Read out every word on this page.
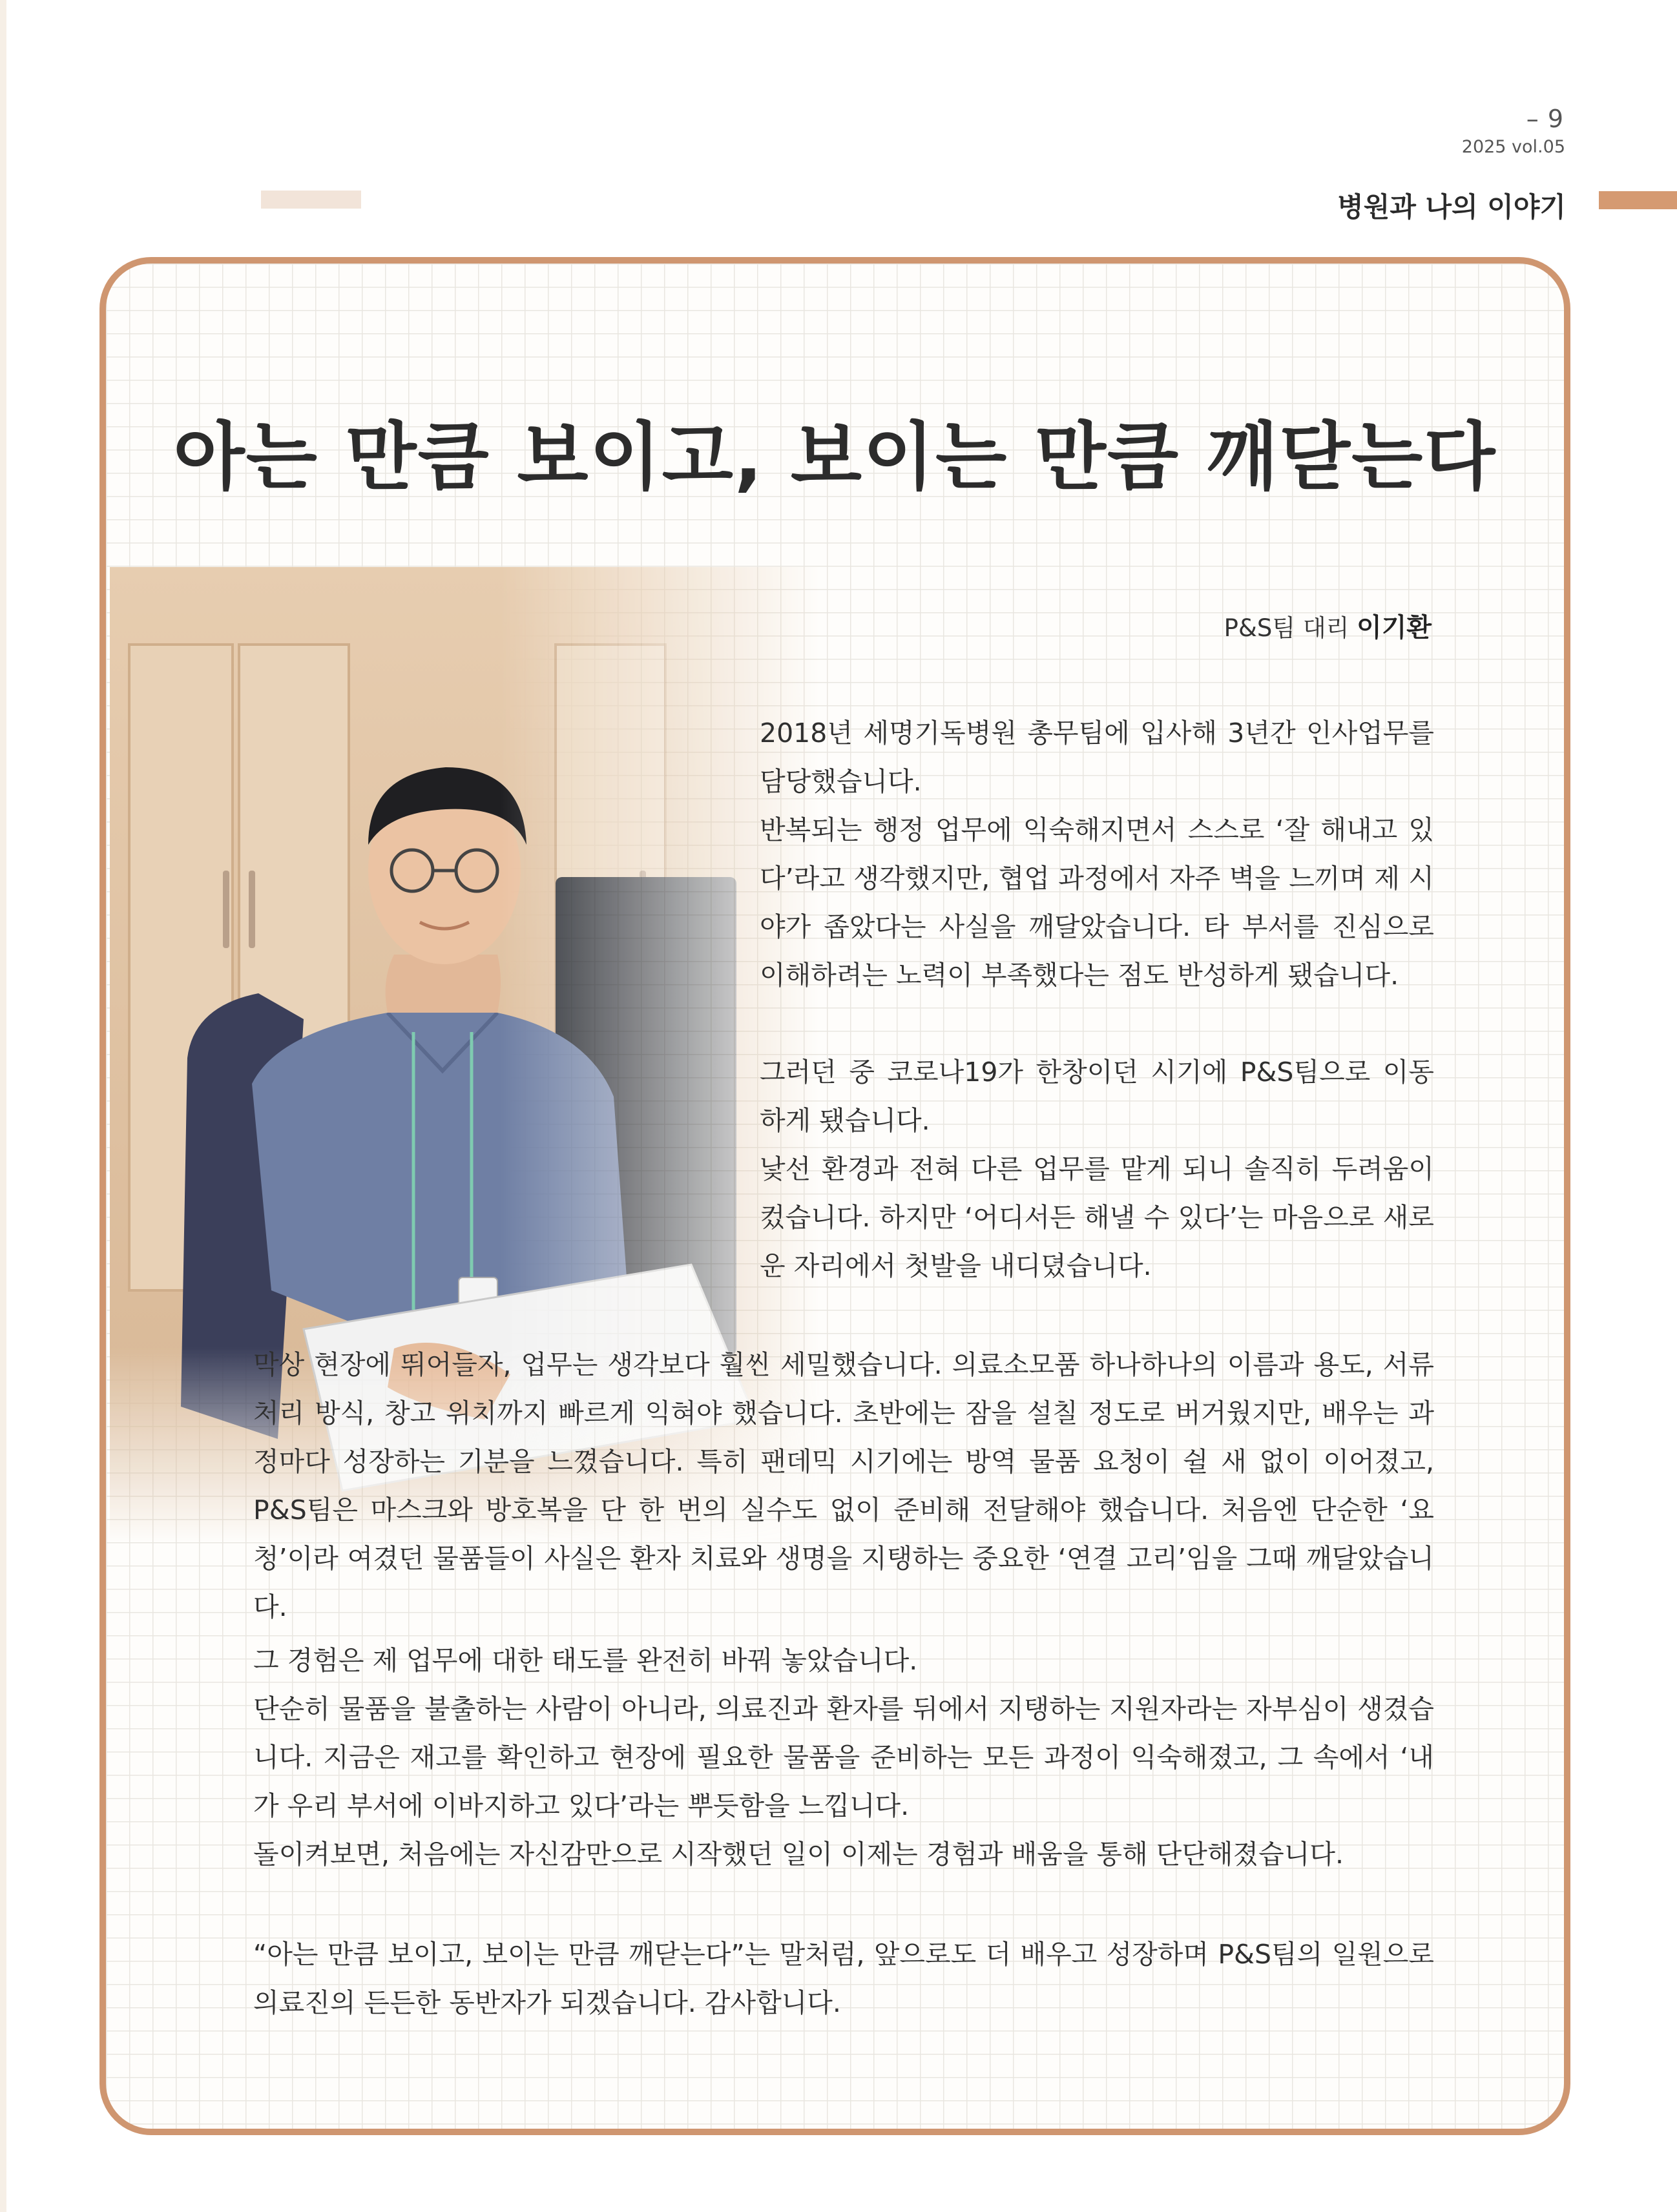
– 9
2025 vol.05
병원과 나의 이야기
아는 만큼 보이고, 보이는 만큼 깨닫는다
P&S팀 대리 이기환

2018년 세명기독병원 총무팀에 입사해 3년간 인사업무를 담당했습니다.
반복되는 행정 업무에 익숙해지면서 스스로 ‘잘 해내고 있다’라고 생각했지만, 협업 과정에서 자주 벽을 느끼며 제 시야가 좁았다는 사실을 깨달았습니다. 타 부서를 진심으로 이해하려는 노력이 부족했다는 점도 반성하게 됐습니다.

그러던 중 코로나19가 한창이던 시기에 P&S팀으로 이동하게 됐습니다.
낯선 환경과 전혀 다른 업무를 맡게 되니 솔직히 두려움이 컸습니다. 하지만 ‘어디서든 해낼 수 있다’는 마음으로 새로운 자리에서 첫발을 내디뎠습니다.

막상 현장에 뛰어들자, 업무는 생각보다 훨씬 세밀했습니다. 의료소모품 하나하나의 이름과 용도, 서류 처리 방식, 창고 위치까지 빠르게 익혀야 했습니다. 초반에는 잠을 설칠 정도로 버거웠지만, 배우는 과정마다 성장하는 기분을 느꼈습니다. 특히 팬데믹 시기에는 방역 물품 요청이 쉴 새 없이 이어졌고, P&S팀은 마스크와 방호복을 단 한 번의 실수도 없이 준비해 전달해야 했습니다. 처음엔 단순한 ‘요청’이라 여겼던 물품들이 사실은 환자 치료와 생명을 지탱하는 중요한 ‘연결 고리’임을 그때 깨달았습니다.

그 경험은 제 업무에 대한 태도를 완전히 바꿔 놓았습니다.
단순히 물품을 불출하는 사람이 아니라, 의료진과 환자를 뒤에서 지탱하는 지원자라는 자부심이 생겼습니다. 지금은 재고를 확인하고 현장에 필요한 물품을 준비하는 모든 과정이 익숙해졌고, 그 속에서 ‘내가 우리 부서에 이바지하고 있다’라는 뿌듯함을 느낍니다.
돌이켜보면, 처음에는 자신감만으로 시작했던 일이 이제는 경험과 배움을 통해 단단해졌습니다.

“아는 만큼 보이고, 보이는 만큼 깨닫는다”는 말처럼, 앞으로도 더 배우고 성장하며 P&S팀의 일원으로 의료진의 든든한 동반자가 되겠습니다. 감사합니다.
